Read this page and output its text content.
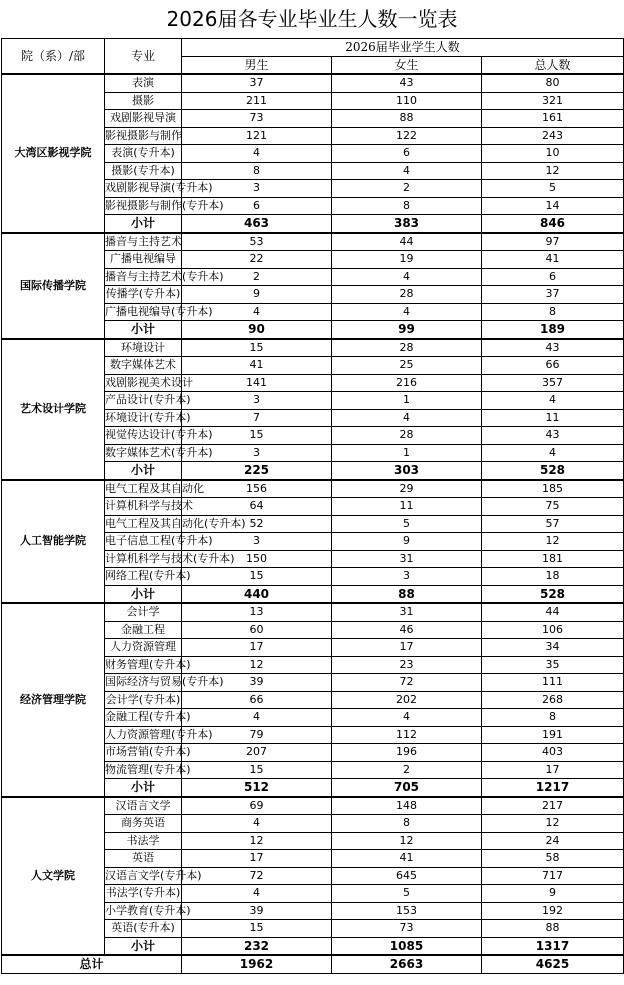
2026届各专业毕业生人数一览表
院（系）/部	专业	2026届毕业学生人数		
		男生	女生	总人数
大湾区影视学院	表演	37	43	80
	摄影	211	110	321
	戏剧影视导演	73	88	161
	影视摄影与制作	121	122	243
	表演(专升本)	4	6	10
	摄影(专升本)	8	4	12
	戏剧影视导演(专升本)	3	2	5
	影视摄影与制作(专升本)	6	8	14
	小计	463	383	846
国际传播学院	播音与主持艺术	53	44	97
	广播电视编导	22	19	41
	播音与主持艺术(专升本)	2	4	6
	传播学(专升本)	9	28	37
	广播电视编导(专升本)	4	4	8
	小计	90	99	189
艺术设计学院	环境设计	15	28	43
	数字媒体艺术	41	25	66
	戏剧影视美术设计	141	216	357
	产品设计(专升本)	3	1	4
	环境设计(专升本)	7	4	11
	视觉传达设计(专升本)	15	28	43
	数字媒体艺术(专升本)	3	1	4
	小计	225	303	528
人工智能学院	电气工程及其自动化	156	29	185
	计算机科学与技术	64	11	75
	电气工程及其自动化(专升本)	52	5	57
	电子信息工程(专升本)	3	9	12
	计算机科学与技术(专升本)	150	31	181
	网络工程(专升本)	15	3	18
	小计	440	88	528
经济管理学院	会计学	13	31	44
	金融工程	60	46	106
	人力资源管理	17	17	34
	财务管理(专升本)	12	23	35
	国际经济与贸易(专升本)	39	72	111
	会计学(专升本)	66	202	268
	金融工程(专升本)	4	4	8
	人力资源管理(专升本)	79	112	191
	市场营销(专升本)	207	196	403
	物流管理(专升本)	15	2	17
	小计	512	705	1217
人文学院	汉语言文学	69	148	217
	商务英语	4	8	12
	书法学	12	12	24
	英语	17	41	58
	汉语言文学(专升本)	72	645	717
	书法学(专升本)	4	5	9
	小学教育(专升本)	39	153	192
	英语(专升本)	15	73	88
	小计	232	1085	1317
总计		1962	2663	4625
